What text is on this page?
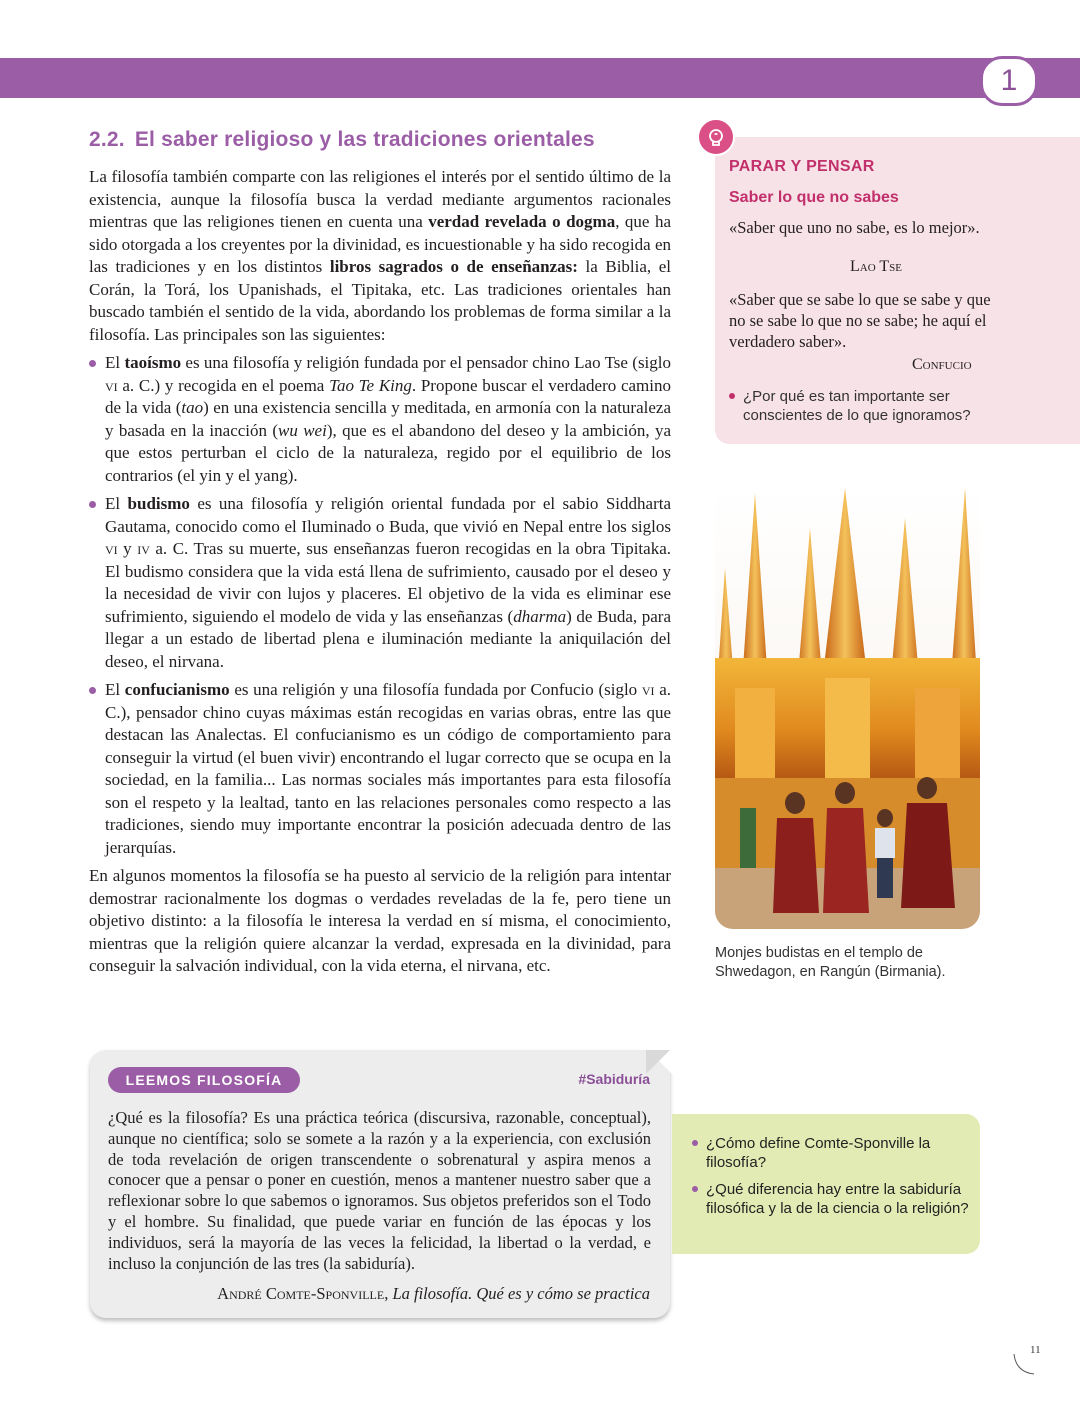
1
2.2. El saber religioso y las tradiciones orientales

La filosofía también comparte con las religiones el interés por el sentido último de la existencia, aunque la filosofía busca la verdad mediante argumentos racionales mientras que las religiones tienen en cuenta una verdad revelada o dogma, que ha sido otorgada a los creyentes por la divinidad, es incuestionable y ha sido recogida en las tradiciones y en los distintos libros sagrados o de enseñanzas: la Biblia, el Corán, la Torá, los Upanishads, el Tipitaka, etc. Las tradiciones orientales han buscado también el sentido de la vida, abordando los problemas de forma similar a la filosofía. Las principales son las siguientes:

El taoísmo es una filosofía y religión fundada por el pensador chino Lao Tse (siglo vi a. C.) y recogida en el poema Tao Te King. Propone buscar el verdadero camino de la vida (tao) en una existencia sencilla y meditada, en armonía con la naturaleza y basada en la inacción (wu wei), que es el abandono del deseo y la ambición, ya que estos perturban el ciclo de la naturaleza, regido por el equilibrio de los contrarios (el yin y el yang).
El budismo es una filosofía y religión oriental fundada por el sabio Siddharta Gautama, conocido como el Iluminado o Buda, que vivió en Nepal entre los siglos vi y iv a. C. Tras su muerte, sus enseñanzas fueron recogidas en la obra Tipitaka. El budismo considera que la vida está llena de sufrimiento, causado por el deseo y la necesidad de vivir con lujos y placeres. El objetivo de la vida es eliminar ese sufrimiento, siguiendo el modelo de vida y las enseñanzas (dharma) de Buda, para llegar a un estado de libertad plena e iluminación mediante la aniquilación del deseo, el nirvana.
El confucianismo es una religión y una filosofía fundada por Confucio (siglo vi a. C.), pensador chino cuyas máximas están recogidas en varias obras, entre las que destacan las Analectas. El confucianismo es un código de comportamiento para conseguir la virtud (el buen vivir) encontrando el lugar correcto que se ocupa en la sociedad, en la familia... Las normas sociales más importantes para esta filosofía son el respeto y la lealtad, tanto en las relaciones personales como respecto a las tradiciones, siendo muy importante encontrar la posición adecuada dentro de las jerarquías.

En algunos momentos la filosofía se ha puesto al servicio de la religión para intentar demostrar racionalmente los dogmas o verdades reveladas de la fe, pero tiene un objetivo distinto: a la filosofía le interesa la verdad en sí misma, el conocimiento, mientras que la religión quiere alcanzar la verdad, expresada en la divinidad, para conseguir la salvación individual, con la vida eterna, el nirvana, etc.

PARAR Y PENSAR
Saber lo que no sabes
«Saber que uno no sabe, es lo mejor».
Lao Tse
«Saber que se sabe lo que se sabe y que no se sabe lo que no se sabe; he aquí el verdadero saber».
Confucio
¿Por qué es tan importante ser conscientes de lo que ignoramos?
Monjes budistas en el templo de Shwedagon, en Rangún (Birmania).
LEEMOS FILOSOFÍA	#Sabiduría
¿Qué es la filosofía? Es una práctica teórica (discursiva, razonable, conceptual), aunque no científica; solo se somete a la razón y a la experiencia, con exclusión de toda revelación de origen transcendente o sobrenatural y aspira menos a conocer que a pensar o poner en cuestión, menos a mantener nuestro saber que a reflexionar sobre lo que sabemos o ignoramos. Sus objetos preferidos son el Todo y el hombre. Su finalidad, que puede variar en función de las épocas y los individuos, será la mayoría de las veces la felicidad, la libertad o la verdad, e incluso la conjunción de las tres (la sabiduría).
André Comte-Sponville, La filosofía. Qué es y cómo se practica
¿Cómo define Comte-Sponville la filosofía?
¿Qué diferencia hay entre la sabiduría filosófica y la de la ciencia o la religión?
11
